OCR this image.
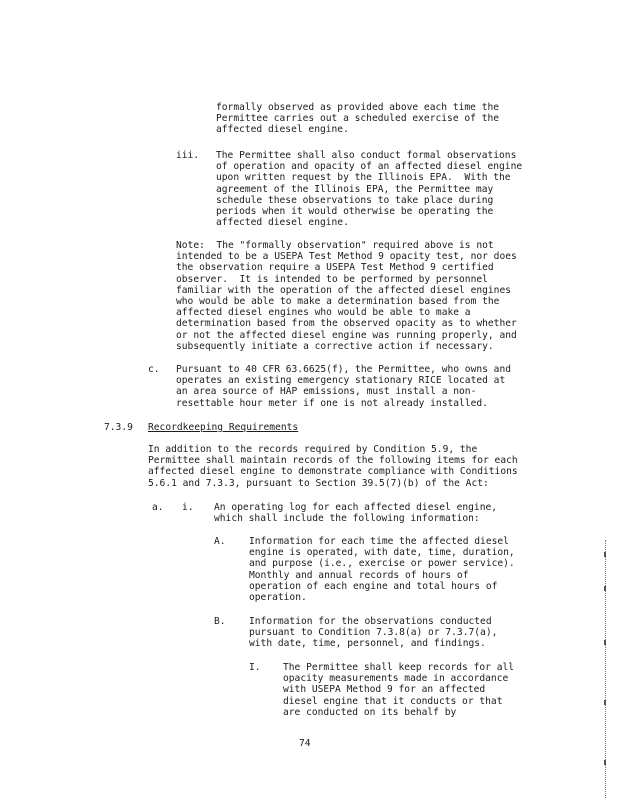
formally observed as provided above each time the
Permittee carries out a scheduled exercise of the
affected diesel engine.
iii. The Permittee shall also conduct formal observations
of operation and opacity of an affected diesel engine
upon written request by the Illinois EPA.  With the
agreement of the Illinois EPA, the Permittee may
schedule these observations to take place during
periods when it would otherwise be operating the
affected diesel engine.
Note:  The "formally observation" required above is not
intended to be a USEPA Test Method 9 opacity test, nor does
the observation require a USEPA Test Method 9 certified
observer.  It is intended to be performed by personnel
familiar with the operation of the affected diesel engines
who would be able to make a determination based from the
affected diesel engines who would be able to make a
determination based from the observed opacity as to whether
or not the affected diesel engine was running properly, and
subsequently initiate a corrective action if necessary.
c. Pursuant to 40 CFR 63.6625(f), the Permittee, who owns and
operates an existing emergency stationary RICE located at
an area source of HAP emissions, must install a non-
resettable hour meter if one is not already installed.
7.3.9 Recordkeeping Requirements
In addition to the records required by Condition 5.9, the
Permittee shall maintain records of the following items for each
affected diesel engine to demonstrate compliance with Conditions
5.6.1 and 7.3.3, pursuant to Section 39.5(7)(b) of the Act:
a. i. An operating log for each affected diesel engine,
which shall include the following information:
A. Information for each time the affected diesel
engine is operated, with date, time, duration,
and purpose (i.e., exercise or power service).
Monthly and annual records of hours of
operation of each engine and total hours of
operation.
B. Information for the observations conducted
pursuant to Condition 7.3.8(a) or 7.3.7(a),
with date, time, personnel, and findings.
I. The Permittee shall keep records for all
opacity measurements made in accordance
with USEPA Method 9 for an affected
diesel engine that it conducts or that
are conducted on its behalf by
74
